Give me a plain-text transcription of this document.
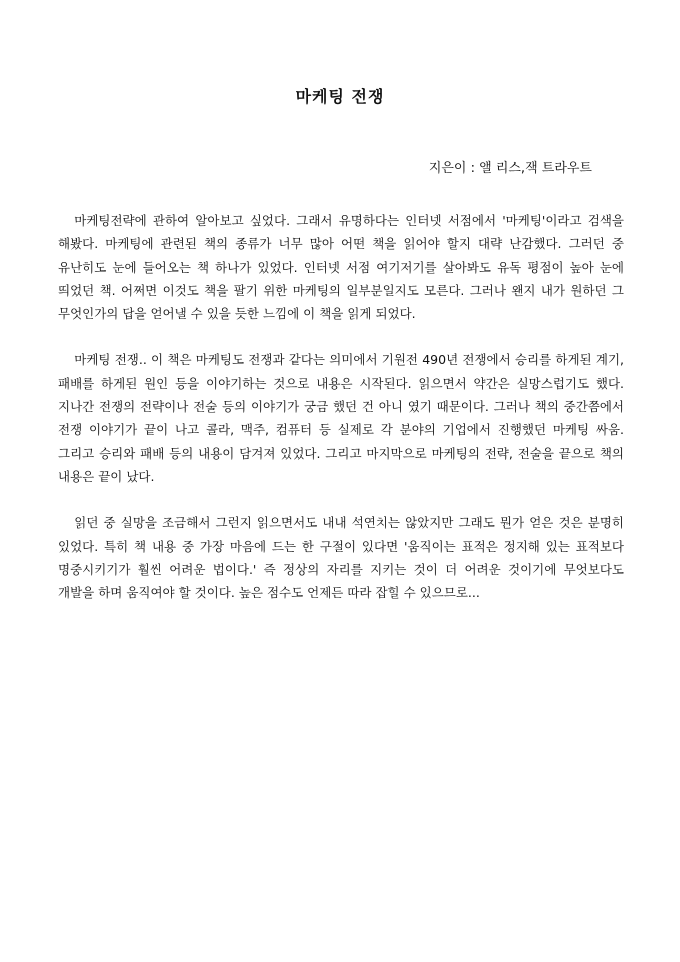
마케팅 전쟁

지은이 : 앨 리스,잭 트라우트

마케팅전략에 관하여 알아보고 싶었다. 그래서 유명하다는 인터넷 서점에서 '마케팅'이라고 검색을 해봤다. 마케팅에 관련된 책의 종류가 너무 많아 어떤 책을 읽어야 할지 대략 난감했다. 그러던 중 유난히도 눈에 들어오는 책 하나가 있었다. 인터넷 서점 여기저기를 살아봐도 유독 평점이 높아 눈에 띄었던 책. 어쩌면 이것도 책을 팔기 위한 마케팅의 일부분일지도 모른다. 그러나 왠지 내가 원하던 그 무엇인가의 답을 얻어낼 수 있을 듯한 느낌에 이 책을 읽게 되었다.

마케팅 전쟁.. 이 책은 마케팅도 전쟁과 같다는 의미에서 기원전 490년 전쟁에서 승리를 하게된 계기, 패배를 하게된 원인 등을 이야기하는 것으로 내용은 시작된다. 읽으면서 약간은 실망스럽기도 했다. 지나간 전쟁의 전략이나 전술 등의 이야기가 궁금 했던 건 아니 였기 때문이다. 그러나 책의 중간쯤에서 전쟁 이야기가 끝이 나고 콜라, 맥주, 컴퓨터 등 실제로 각 분야의 기업에서 진행했던 마케팅 싸움. 그리고 승리와 패배 등의 내용이 담겨져 있었다. 그리고 마지막으로 마케팅의 전략, 전술을 끝으로 책의 내용은 끝이 났다.

읽던 중 실망을 조금해서 그런지 읽으면서도 내내 석연치는 않았지만 그래도 뭔가 얻은 것은 분명히 있었다. 특히 책 내용 중 가장 마음에 드는 한 구절이 있다면 '움직이는 표적은 정지해 있는 표적보다 명중시키기가 훨씬 어려운 법이다.' 즉 정상의 자리를 지키는 것이 더 어려운 것이기에 무엇보다도 개발을 하며 움직여야 할 것이다. 높은 점수도 언제든 따라 잡힐 수 있으므로...
